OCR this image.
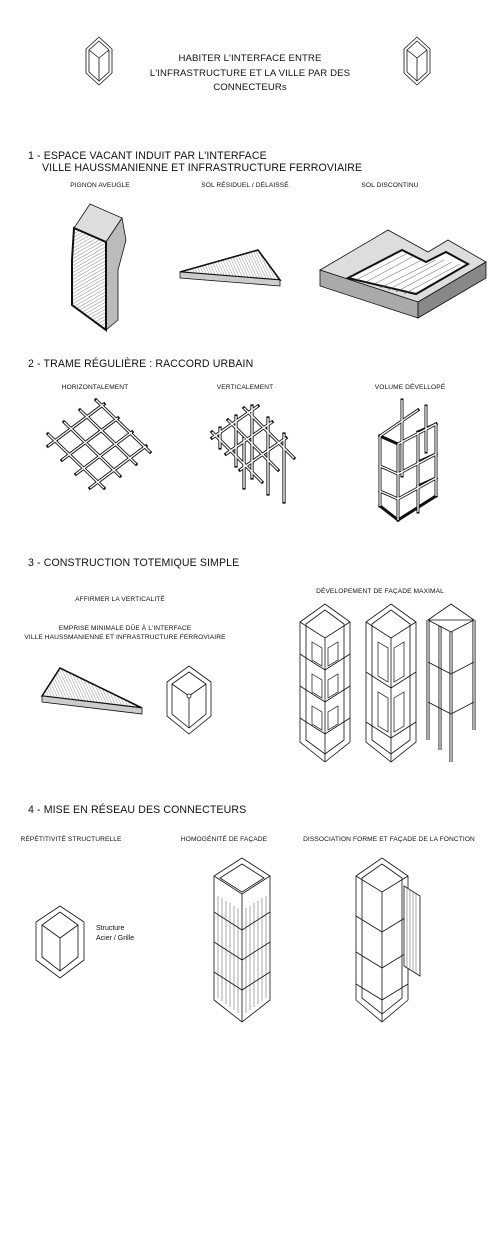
HABITER L'INTERFACE ENTRE
L'INFRASTRUCTURE ET LA VILLE PAR DES
CONNECTEURs
1 - ESPACE VACANT INDUIT PAR L'INTERFACE
VILLE HAUSSMANIENNE ET INFRASTRUCTURE FERROVIAIRE
PIGNON AVEUGLE	SOL RÉSIDUEL / DÉLAISSÉ	SOL DISCONTINU
2 - TRAME RÉGULIÈRE : RACCORD URBAIN
HORIZONTALEMENT	VERTICALEMENT	VOLUME DÉVELLOPÉ
3 - CONSTRUCTION TOTEMIQUE SIMPLE
AFFIRMER LA VERTICALITÉ
EMPRISE MINIMALE DÛE À L'INTERFACE
VILLE HAUSSMANIENNE ET INFRASTRUCTURE FERROVIAIRE
DÉVELOPEMENT DE FAÇADE MAXIMAL
4 - MISE EN RÉSEAU DES CONNECTEURS
RÉPÉTITIVITÉ STRUCTURELLE	HOMOGÉNITÉ DE FAÇADE	DISSOCIATION FORME ET FAÇADE DE LA FONCTION
Structure
Acier / Grille
